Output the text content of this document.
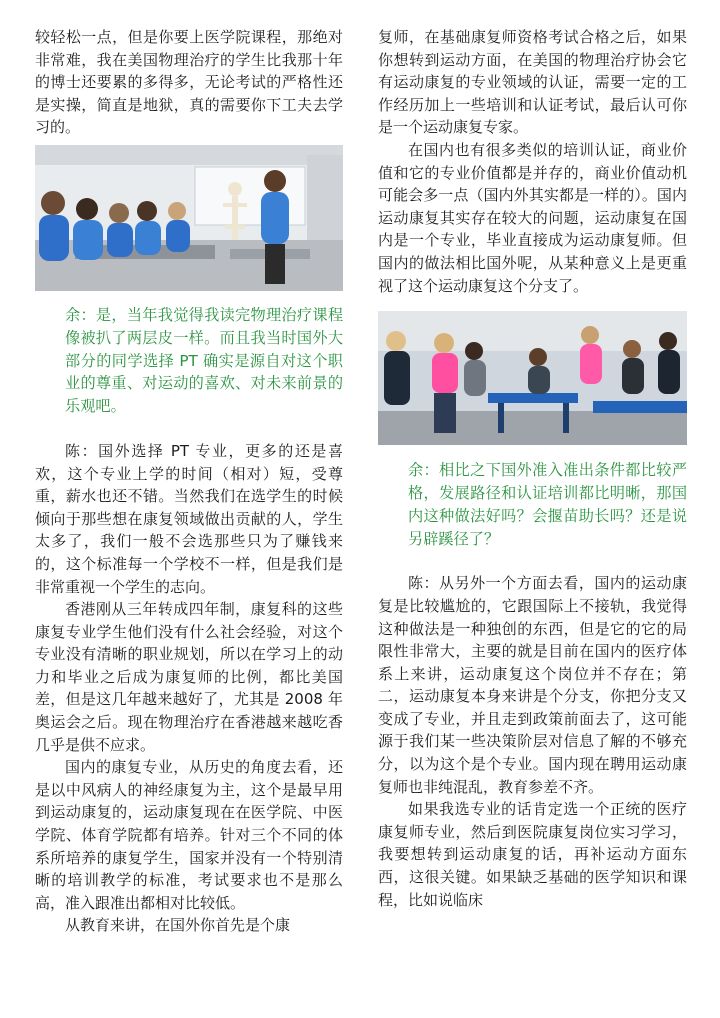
较轻松一点，但是你要上医学院课程，那绝对非常难，我在美国物理治疗的学生比我那十年的博士还要累的多得多，无论考试的严格性还是实操，简直是地狱，真的需要你下工夫去学习的。

余：是，当年我觉得我读完物理治疗课程像被扒了两层皮一样。而且我当时国外大部分的同学选择 PT 确实是源自对这个职业的尊重、对运动的喜欢、对未来前景的乐观吧。

陈：国外选择 PT 专业，更多的还是喜欢，这个专业上学的时间（相对）短，受尊重，薪水也还不错。当然我们在选学生的时候倾向于那些想在康复领域做出贡献的人，学生太多了，我们一般不会选那些只为了赚钱来的，这个标准每一个学校不一样，但是我们是非常重视一个学生的志向。

香港刚从三年转成四年制，康复科的这些康复专业学生他们没有什么社会经验，对这个专业没有清晰的职业规划，所以在学习上的动力和毕业之后成为康复师的比例，都比美国差，但是这几年越来越好了，尤其是 2008 年奥运会之后。现在物理治疗在香港越来越吃香几乎是供不应求。

国内的康复专业，从历史的角度去看，还是以中风病人的神经康复为主，这个是最早用到运动康复的，运动康复现在在医学院、中医学院、体育学院都有培养。针对三个不同的体系所培养的康复学生，国家并没有一个特别清晰的培训教学的标准，考试要求也不是那么高，准入跟准出都相对比较低。

从教育来讲，在国外你首先是个康

复师，在基础康复师资格考试合格之后，如果你想转到运动方面，在美国的物理治疗协会它有运动康复的专业领域的认证，需要一定的工作经历加上一些培训和认证考试，最后认可你是一个运动康复专家。

在国内也有很多类似的培训认证，商业价值和它的专业价值都是并存的，商业价值动机可能会多一点（国内外其实都是一样的）。国内运动康复其实存在较大的问题，运动康复在国内是一个专业，毕业直接成为运动康复师。但国内的做法相比国外呢，从某种意义上是更重视了这个运动康复这个分支了。

余：相比之下国外准入准出条件都比较严格，发展路径和认证培训都比明晰，那国内这种做法好吗？会揠苗助长吗？还是说另辟蹊径了？

陈：从另外一个方面去看，国内的运动康复是比较尴尬的，它跟国际上不接轨，我觉得这种做法是一种独创的东西，但是它的它的局限性非常大，主要的就是目前在国内的医疗体系上来讲，运动康复这个岗位并不存在；第二，运动康复本身来讲是个分支，你把分支又变成了专业，并且走到政策前面去了，这可能源于我们某一些决策阶层对信息了解的不够充分，以为这个是个专业。国内现在聘用运动康复师也非纯混乱，教育参差不齐。

如果我选专业的话肯定选一个正统的医疗康复师专业，然后到医院康复岗位实习学习，我要想转到运动康复的话，再补运动方面东西，这很关键。如果缺乏基础的医学知识和课程，比如说临床
